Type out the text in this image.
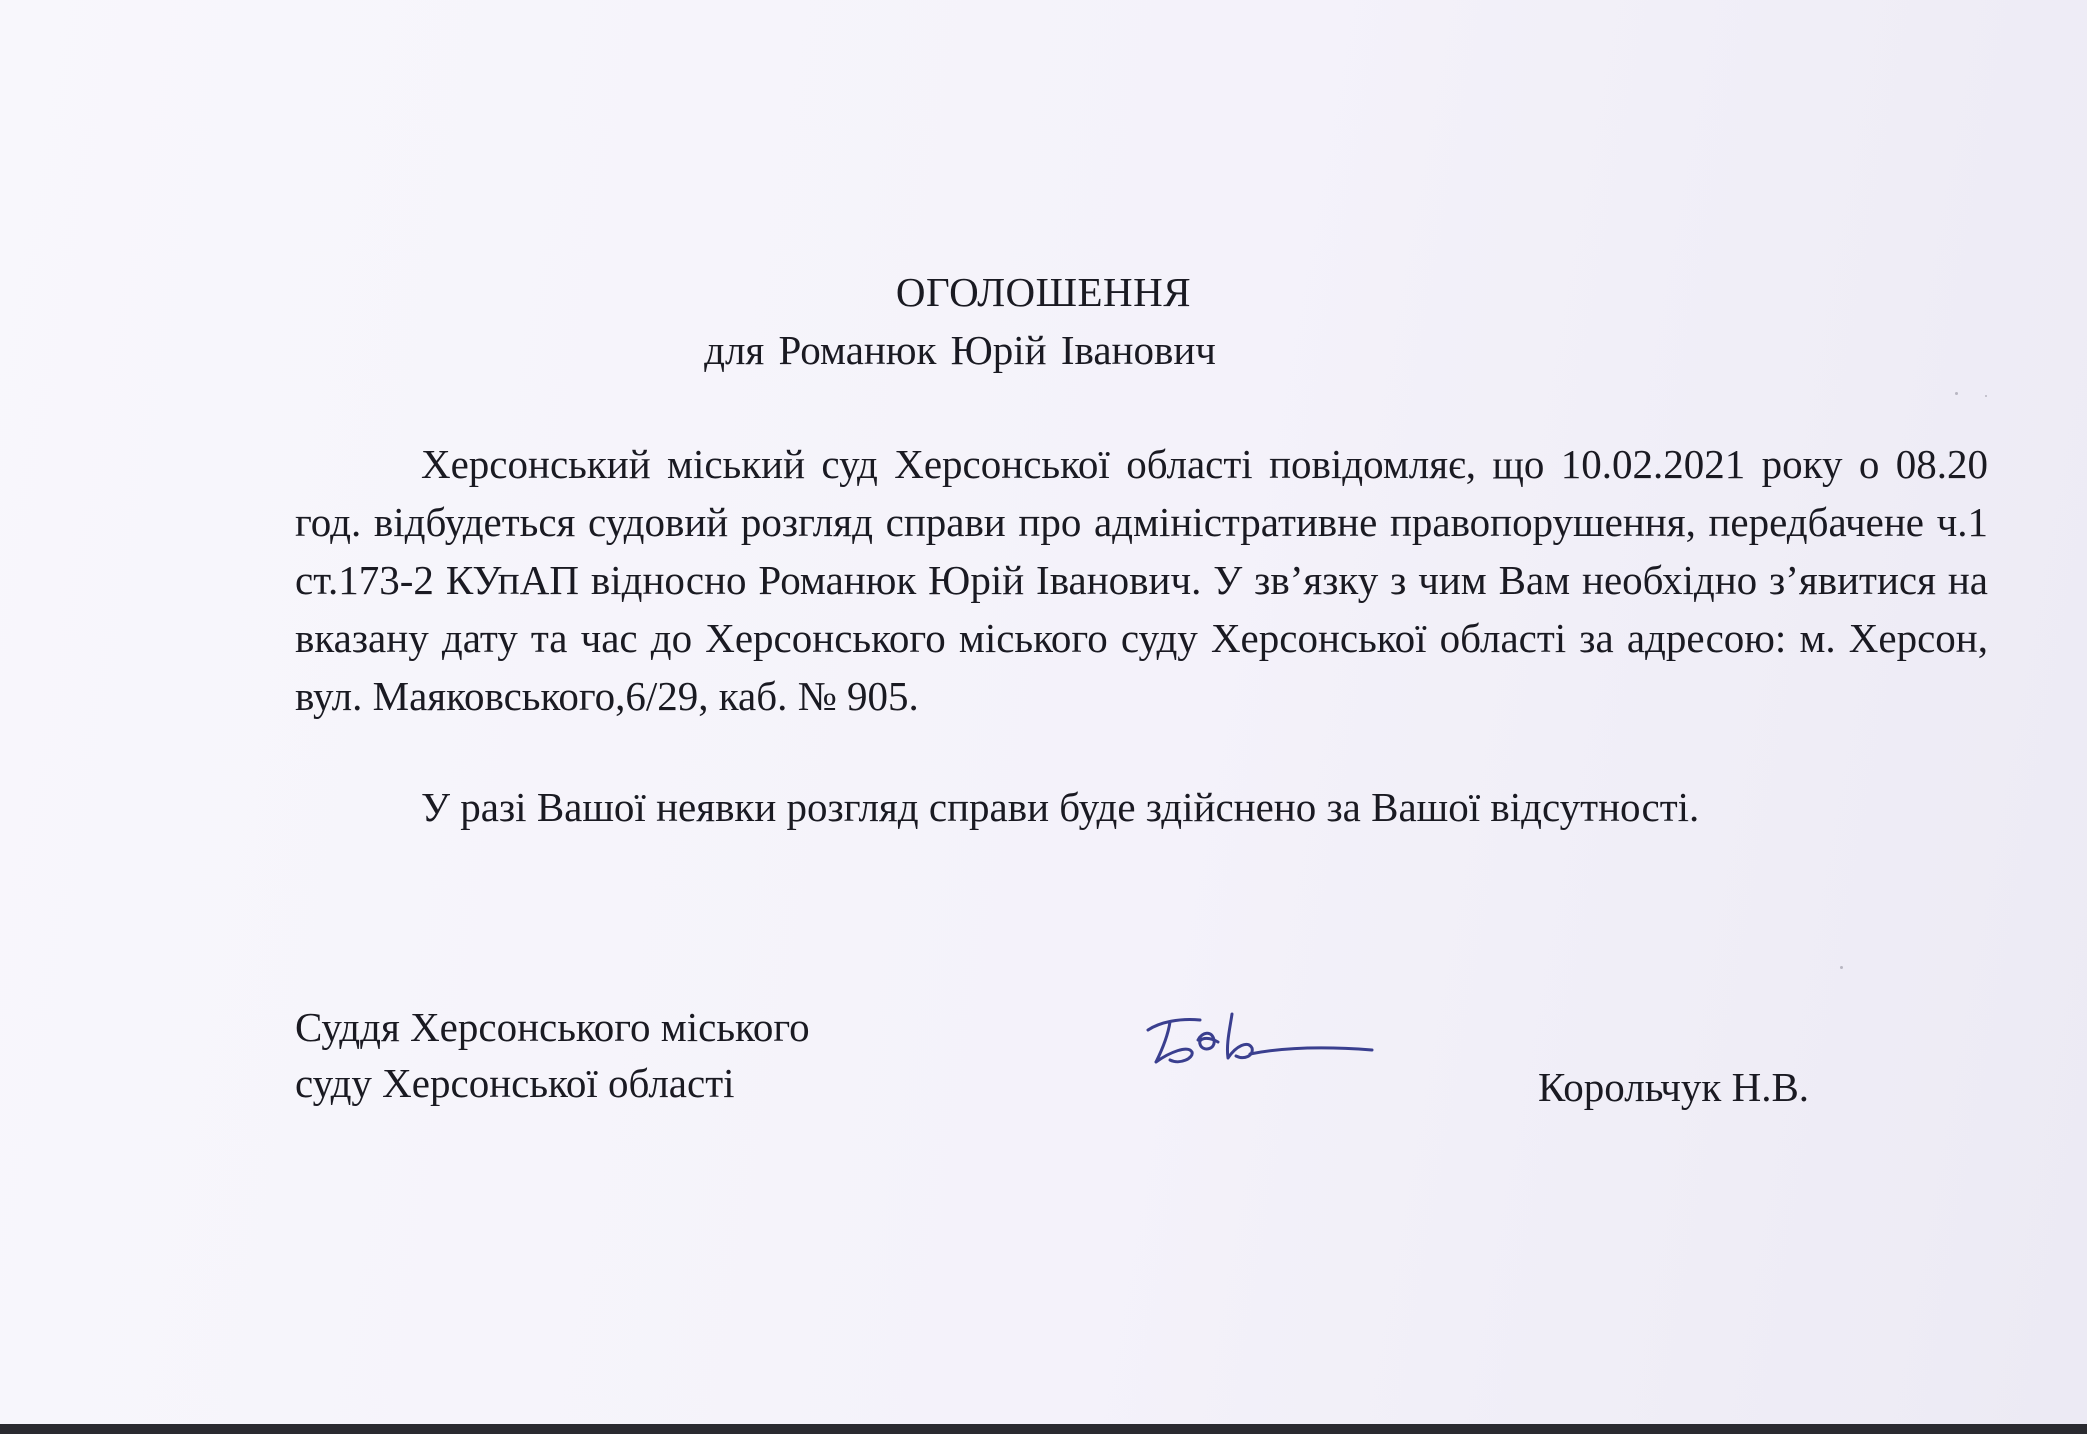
ОГОЛОШЕННЯ
для Романюк Юрій Іванович

Херсонський міський суд Херсонської області повідомляє, що 10.02.2021 року о 08.20 год. відбудеться судовий розгляд справи про адміністративне правопорушення, передбачене ч.1 ст.173-2 КУпАП відносно Романюк Юрій Іванович. У зв’язку з чим Вам необхідно з’явитися на вказану дату та час до Херсонського міського суду Херсонської області за адресою: м. Херсон, вул. Маяковського,6/29, каб. № 905.

У разі Вашої неявки розгляд справи буде здійснено за Вашої відсутності.

Суддя Херсонського міського
суду Херсонської області	Корольчук Н.В.
